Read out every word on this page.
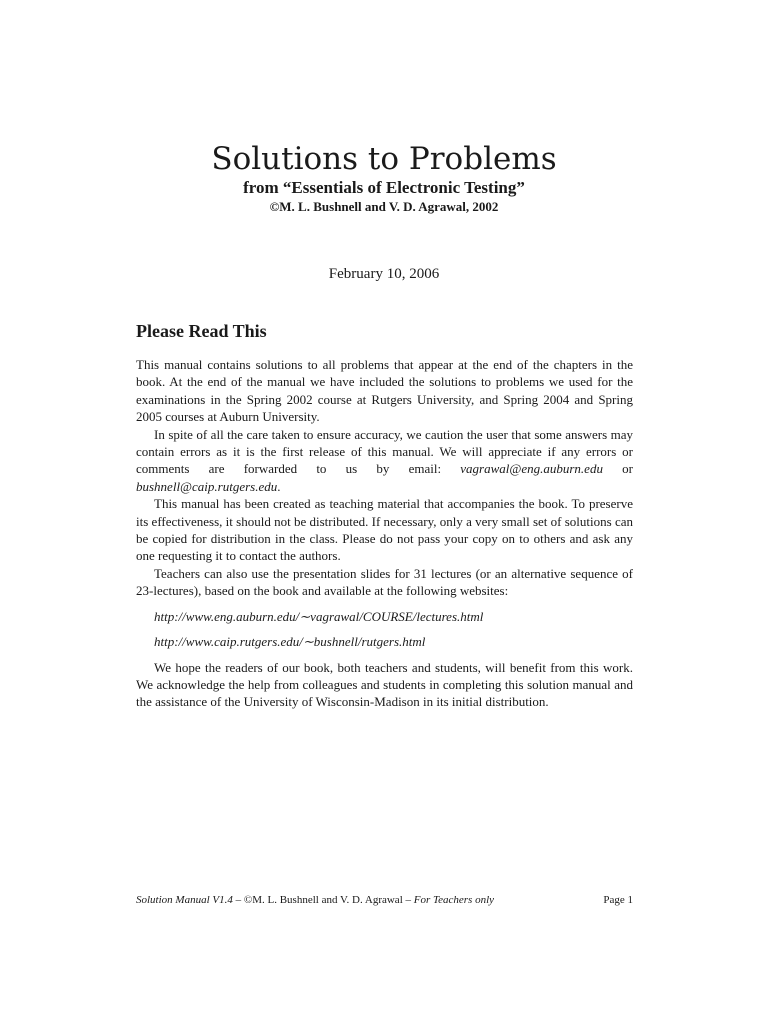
Solutions to Problems
from “Essentials of Electronic Testing”
©M. L. Bushnell and V. D. Agrawal, 2002
February 10, 2006
Please Read This

This manual contains solutions to all problems that appear at the end of the chapters in the book. At the end of the manual we have included the solutions to problems we used for the examinations in the Spring 2002 course at Rutgers University, and Spring 2004 and Spring 2005 courses at Auburn University.

In spite of all the care taken to ensure accuracy, we caution the user that some answers may contain errors as it is the first release of this manual. We will appreciate if any errors or comments are forwarded to us by email: vagrawal@eng.auburn.edu or bushnell@caip.rutgers.edu.

This manual has been created as teaching material that accompanies the book. To preserve its effectiveness, it should not be distributed. If necessary, only a very small set of solutions can be copied for distribution in the class. Please do not pass your copy on to others and ask any one requesting it to contact the authors.

Teachers can also use the presentation slides for 31 lectures (or an alternative sequence of 23-lectures), based on the book and available at the following websites:

http://www.eng.auburn.edu/∼vagrawal/COURSE/lectures.html
http://www.caip.rutgers.edu/∼bushnell/rutgers.html

We hope the readers of our book, both teachers and students, will benefit from this work. We acknowledge the help from colleagues and students in completing this solution manual and the assistance of the University of Wisconsin-Madison in its initial distribution.

Solution Manual V1.4 – ©M. L. Bushnell and V. D. Agrawal – For Teachers only	Page 1
